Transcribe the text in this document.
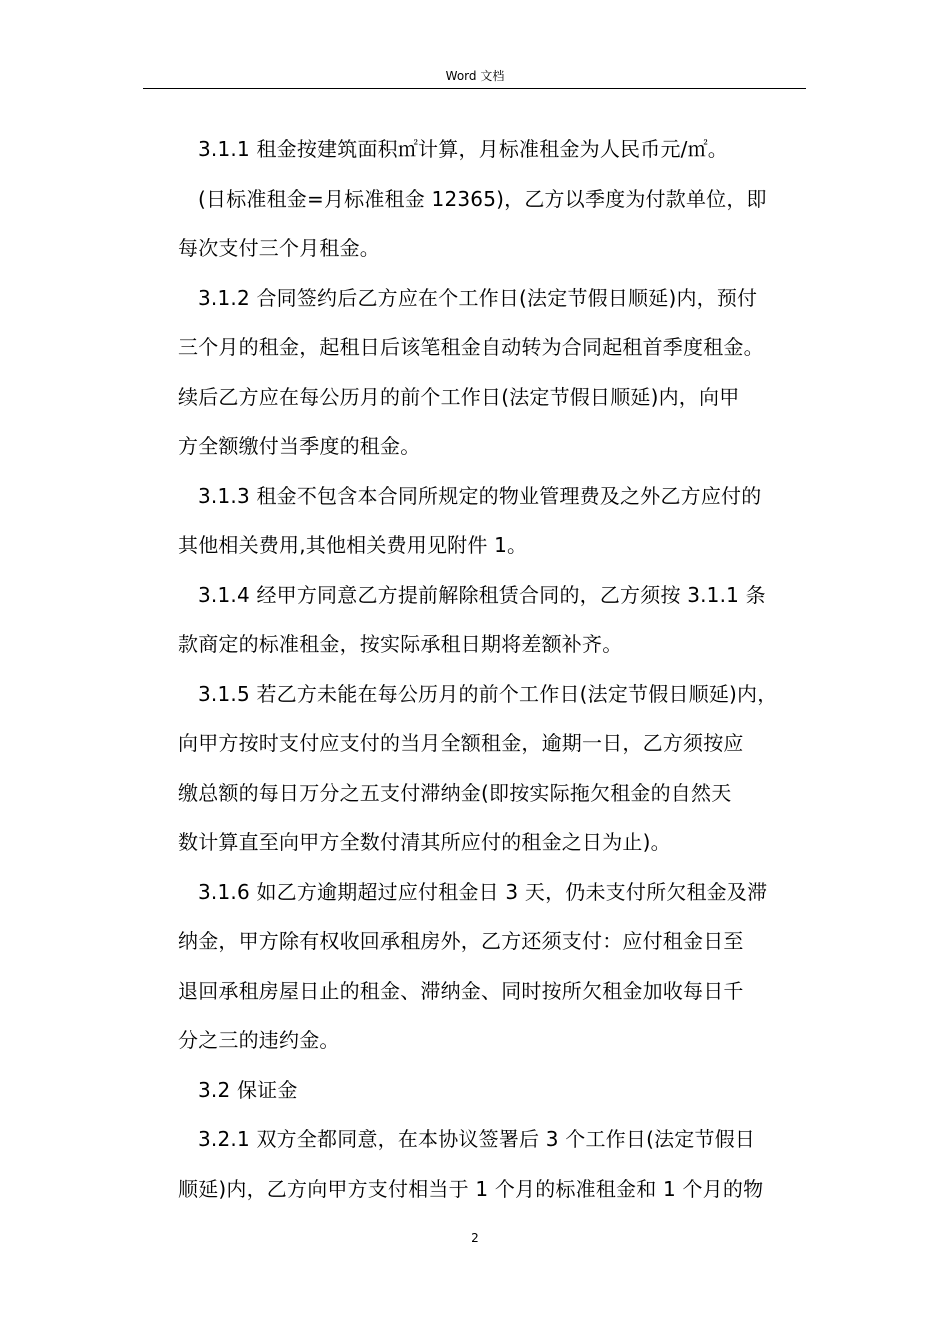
Word 文档
3.1.1 租金按建筑面积㎡计算，月标准租金为人民币元/㎡。
(日标准租金=月标准租金 12365)，乙方以季度为付款单位，即
每次支付三个月租金。
3.1.2 合同签约后乙方应在个工作日(法定节假日顺延)内，预付
三个月的租金，起租日后该笔租金自动转为合同起租首季度租金。
续后乙方应在每公历月的前个工作日(法定节假日顺延)内，向甲
方全额缴付当季度的租金。
3.1.3 租金不包含本合同所规定的物业管理费及之外乙方应付的
其他相关费用,其他相关费用见附件 1。
3.1.4 经甲方同意乙方提前解除租赁合同的，乙方须按 3.1.1 条
款商定的标准租金，按实际承租日期将差额补齐。
3.1.5 若乙方未能在每公历月的前个工作日(法定节假日顺延)内，
向甲方按时支付应支付的当月全额租金，逾期一日，乙方须按应
缴总额的每日万分之五支付滞纳金(即按实际拖欠租金的自然天
数计算直至向甲方全数付清其所应付的租金之日为止)。
3.1.6 如乙方逾期超过应付租金日 3 天，仍未支付所欠租金及滞
纳金，甲方除有权收回承租房外，乙方还须支付：应付租金日至
退回承租房屋日止的租金、滞纳金、同时按所欠租金加收每日千
分之三的违约金。
3.2 保证金
3.2.1 双方全都同意，在本协议签署后 3 个工作日(法定节假日
顺延)内，乙方向甲方支付相当于 1 个月的标准租金和 1 个月的物
2
